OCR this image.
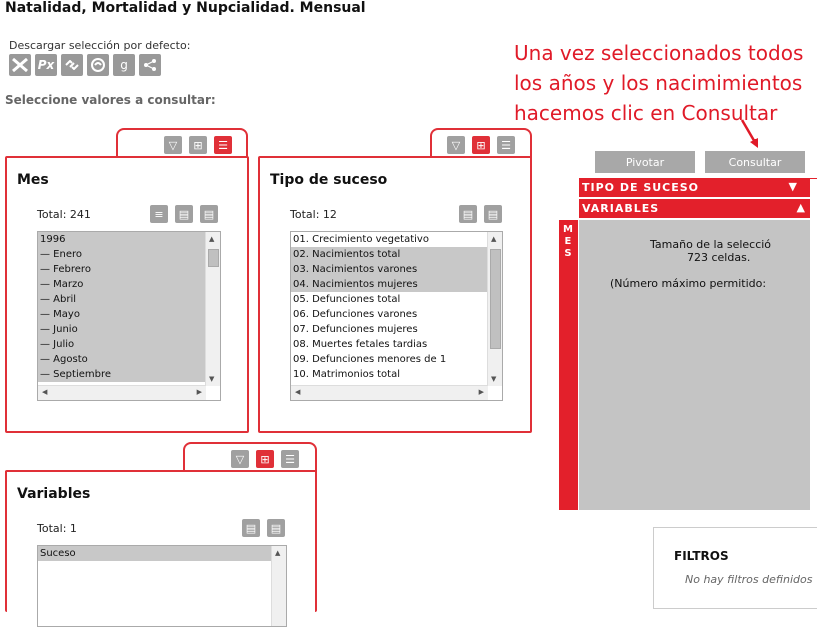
Natalidad, Mortalidad y Nupcialidad. Mensual
Descargar selección por defecto:
Px	g
Seleccione valores a consultar:
Una vez seleccionados todos
los años y los nacimimientos
hacemos clic en Consultar
1
Mes
Total: 241	≡	▤	▤
1996
— Enero
— Febrero
— Marzo
— Abril
— Mayo
— Junio
— Julio
— Agosto
— Septiembre
▲
▼
◀	▶
▽	⊞	☰
Tipo de suceso
Total: 12	▤	▤
01. Crecimiento vegetativo
02. Nacimientos total
03. Nacimientos varones
04. Nacimientos mujeres
05. Defunciones total
06. Defunciones varones
07. Defunciones mujeres
08. Muertes fetales tardias
09. Defunciones menores de 1
10. Matrimonios total
▲
▼
◀	▶
▽	⊞	☰
Variables
Total: 1	▤	▤
Suceso	▲
▽	⊞	☰
Pivotar	Consultar
TIPO DE SUCESO	▼
VARIABLES	▲
M
E
S
Tamaño de la selecció
723 celdas.
(Número máximo permitido:
FILTROS
No hay filtros definidos
